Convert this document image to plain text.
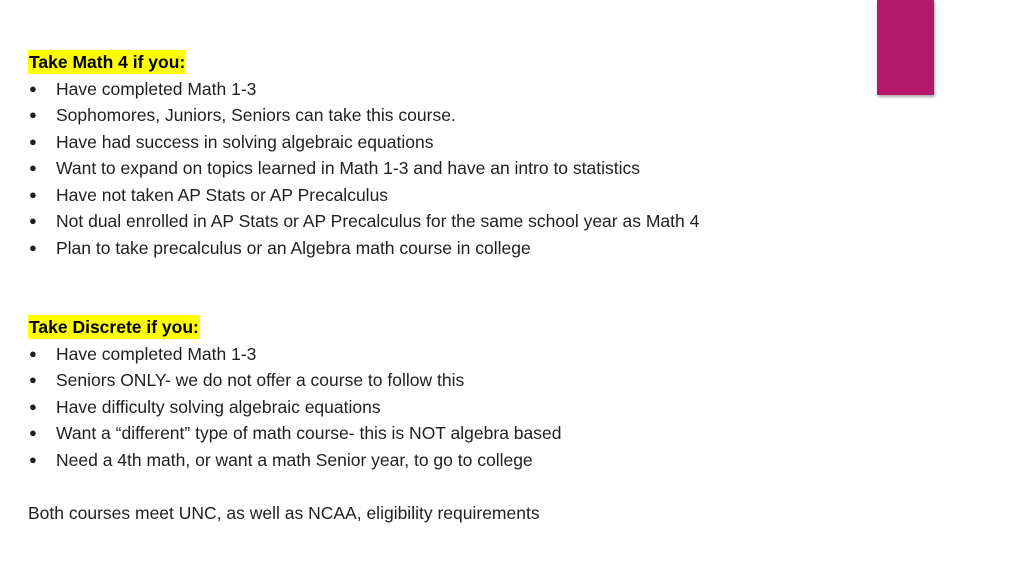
Take Math 4 if you:
● Have completed Math 1-3
● Sophomores, Juniors, Seniors can take this course.
● Have had success in solving algebraic equations
● Want to expand on topics learned in Math 1-3 and have an intro to statistics
● Have not taken AP Stats or AP Precalculus
● Not dual enrolled in AP Stats or AP Precalculus for the same school year as Math 4
● Plan to take precalculus or an Algebra math course in college
Take Discrete if you:
● Have completed Math 1-3
● Seniors ONLY- we do not offer a course to follow this
● Have difficulty solving algebraic equations
● Want a “different” type of math course- this is NOT algebra based
● Need a 4th math, or want a math Senior year, to go to college
Both courses meet UNC, as well as NCAA, eligibility requirements
